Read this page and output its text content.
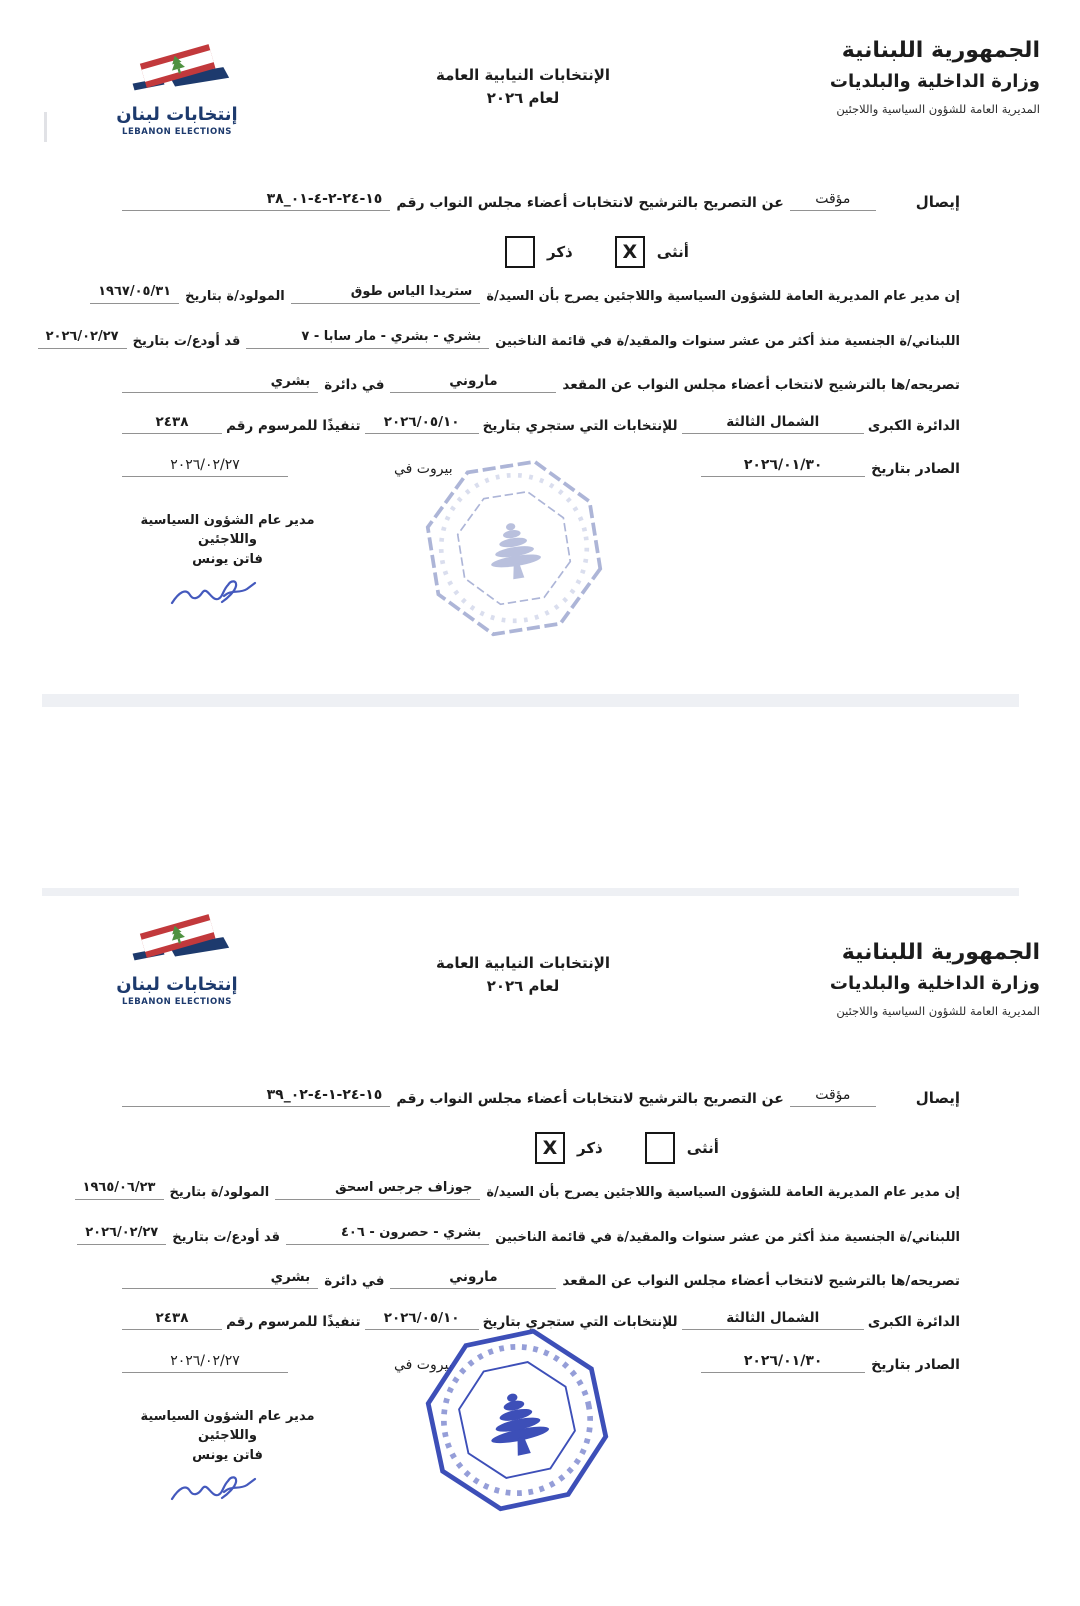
إنتخابات لبنان
LEBANON ELECTIONS
الإنتخابات النيابية العامة
لعام ٢٠٢٦
الجمهورية اللبنانية
وزارة الداخلية والبلديات
المديرية العامة للشؤون السياسية واللاجئين
إيصال
مؤقت
عن التصريح بالترشيح لانتخابات أعضاء مجلس النواب رقم
١٥-٢٤-٢-٤-٠١_٣٨
أنثى
X
ذكر
إن مدير عام المديرية العامة للشؤون السياسية واللاجئين يصرح بأن السيد/ة
ستريدا الياس طوق
المولود/ة بتاريخ
١٩٦٧/٠٥/٣١
اللبناني/ة الجنسية منذ أكثر من عشر سنوات والمقيد/ة في قائمة الناخبين
بشري - بشري - مار سابا - ٧
قد أودع/ت بتاريخ
٢٠٢٦/٠٢/٢٧
تصريحه/ها بالترشيح لانتخاب أعضاء مجلس النواب عن المقعد
ماروني
في دائرة
بشري
الدائرة الكبرى
الشمال الثالثة
للإنتخابات التي ستجري بتاريخ
٢٠٢٦/٠٥/١٠
تنفيذًا للمرسوم رقم
٢٤٣٨
الصادر بتاريخ
٢٠٢٦/٠١/٣٠
بيروت في
٢٠٢٦/٠٢/٢٧
مدير عام الشؤون السياسية واللاجئين
فاتن يونس
إنتخابات لبنان
LEBANON ELECTIONS
الإنتخابات النيابية العامة
لعام ٢٠٢٦
الجمهورية اللبنانية
وزارة الداخلية والبلديات
المديرية العامة للشؤون السياسية واللاجئين
إيصال
مؤقت
عن التصريح بالترشيح لانتخابات أعضاء مجلس النواب رقم
١٥-٢٤-١-٤-٠٢_٣٩
أنثى
ذكر
X
إن مدير عام المديرية العامة للشؤون السياسية واللاجئين يصرح بأن السيد/ة
جوزاف جرجس اسحق
المولود/ة بتاريخ
١٩٦٥/٠٦/٢٣
اللبناني/ة الجنسية منذ أكثر من عشر سنوات والمقيد/ة في قائمة الناخبين
بشري - حصرون - ٤٠٦
قد أودع/ت بتاريخ
٢٠٢٦/٠٢/٢٧
تصريحه/ها بالترشيح لانتخاب أعضاء مجلس النواب عن المقعد
ماروني
في دائرة
بشري
الدائرة الكبرى
الشمال الثالثة
للإنتخابات التي ستجري بتاريخ
٢٠٢٦/٠٥/١٠
تنفيذًا للمرسوم رقم
٢٤٣٨
الصادر بتاريخ
٢٠٢٦/٠١/٣٠
بيروت في
٢٠٢٦/٠٢/٢٧
مدير عام الشؤون السياسية واللاجئين
فاتن يونس
